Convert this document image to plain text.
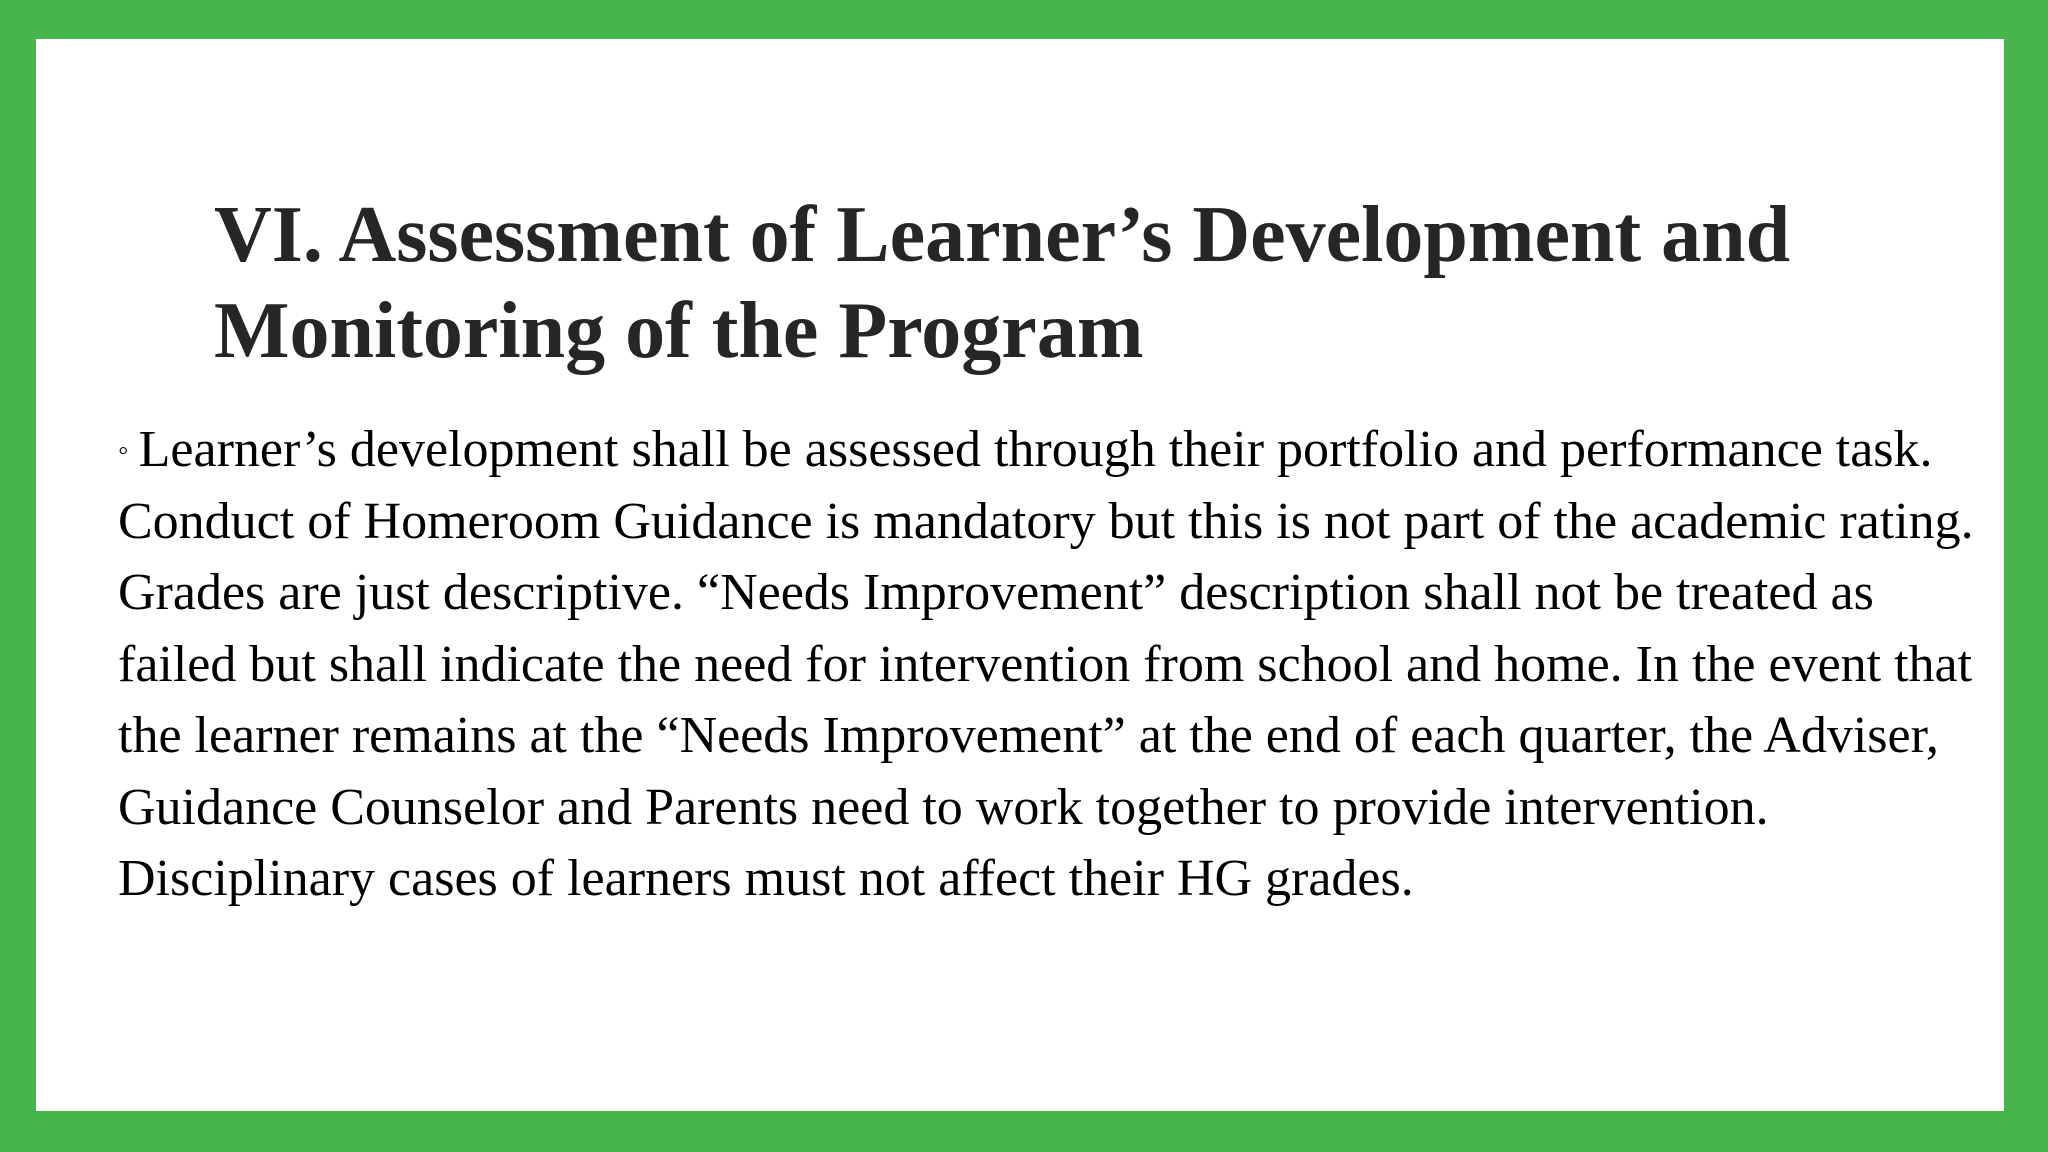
VI. Assessment of Learner’s Development and Monitoring of the Program

◦ Learner’s development shall be assessed through their portfolio and performance task. Conduct of Homeroom Guidance is mandatory but this is not part of the academic rating. Grades are just descriptive. “Needs Improvement” description shall not be treated as failed but shall indicate the need for intervention from school and home. In the event that the learner remains at the “Needs Improvement” at the end of each quarter, the Adviser, Guidance Counselor and Parents need to work together to provide intervention. Disciplinary cases of learners must not affect their HG grades.
